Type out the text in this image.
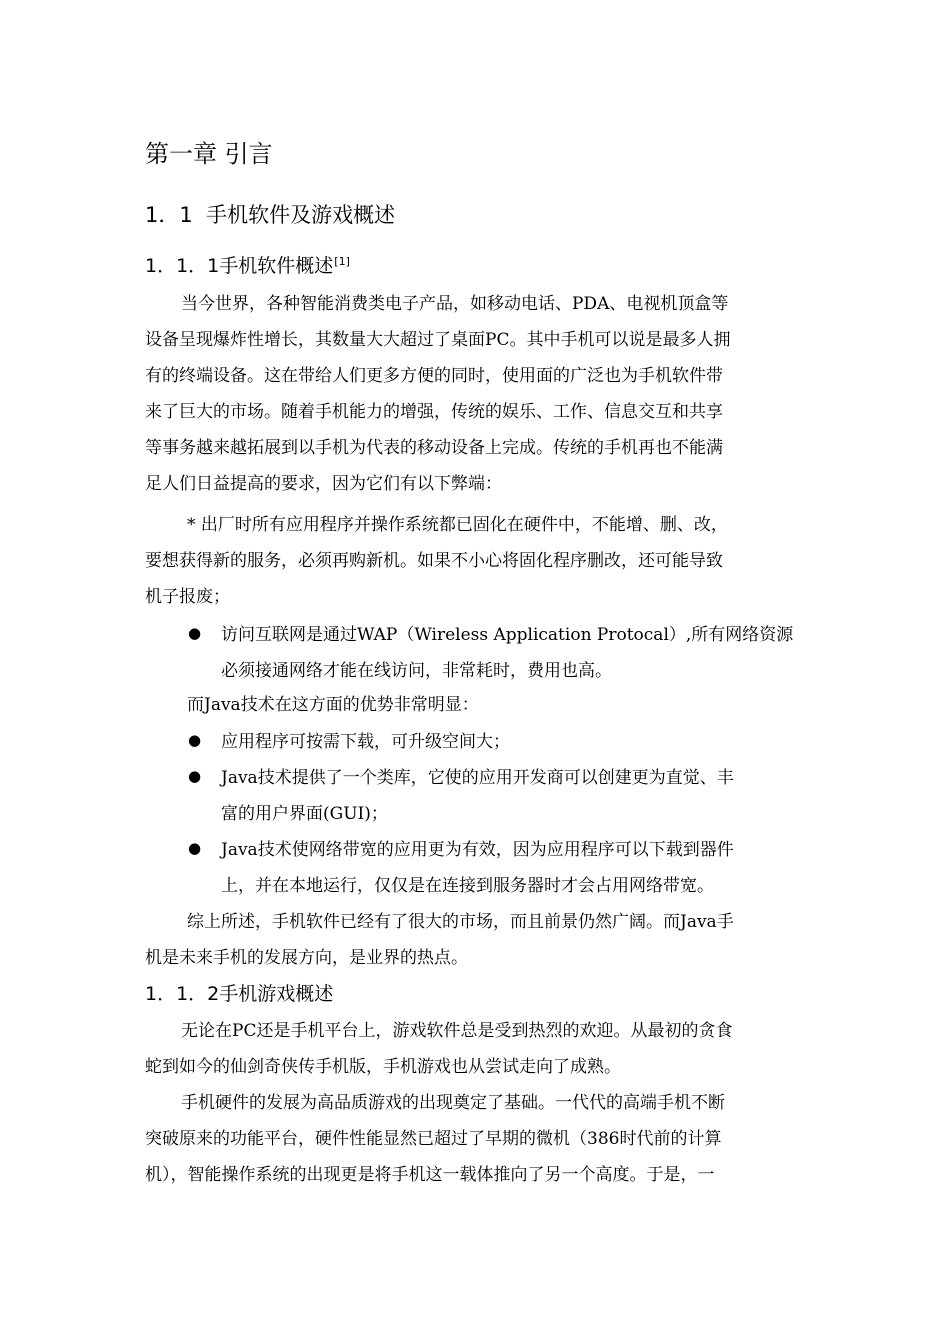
第一章 引言
1．1 手机软件及游戏概述
1．1．1手机软件概述[1]
当今世界，各种智能消费类电子产品，如移动电话、PDA、电视机顶盒等
设备呈现爆炸性增长，其数量大大超过了桌面PC。其中手机可以说是最多人拥
有的终端设备。这在带给人们更多方便的同时，使用面的广泛也为手机软件带
来了巨大的市场。随着手机能力的增强，传统的娱乐、工作、信息交互和共享
等事务越来越拓展到以手机为代表的移动设备上完成。传统的手机再也不能满
足人们日益提高的要求，因为它们有以下弊端：
* 出厂时所有应用程序并操作系统都已固化在硬件中，不能增、删、改，
要想获得新的服务，必须再购新机。如果不小心将固化程序删改，还可能导致
机子报废；
● 访问互联网是通过WAP（Wireless Application Protocal）,所有网络资源
必须接通网络才能在线访问，非常耗时，费用也高。
而Java技术在这方面的优势非常明显：
● 应用程序可按需下载，可升级空间大；
● Java技术提供了一个类库，它使的应用开发商可以创建更为直觉、丰
富的用户界面(GUI)；
● Java技术使网络带宽的应用更为有效，因为应用程序可以下载到器件
上，并在本地运行，仅仅是在连接到服务器时才会占用网络带宽。
综上所述，手机软件已经有了很大的市场，而且前景仍然广阔。而Java手
机是未来手机的发展方向，是业界的热点。
1．1．2手机游戏概述
无论在PC还是手机平台上，游戏软件总是受到热烈的欢迎。从最初的贪食
蛇到如今的仙剑奇侠传手机版，手机游戏也从尝试走向了成熟。
手机硬件的发展为高品质游戏的出现奠定了基础。一代代的高端手机不断
突破原来的功能平台，硬件性能显然已超过了早期的微机（386时代前的计算
机），智能操作系统的出现更是将手机这一载体推向了另一个高度。于是，一
